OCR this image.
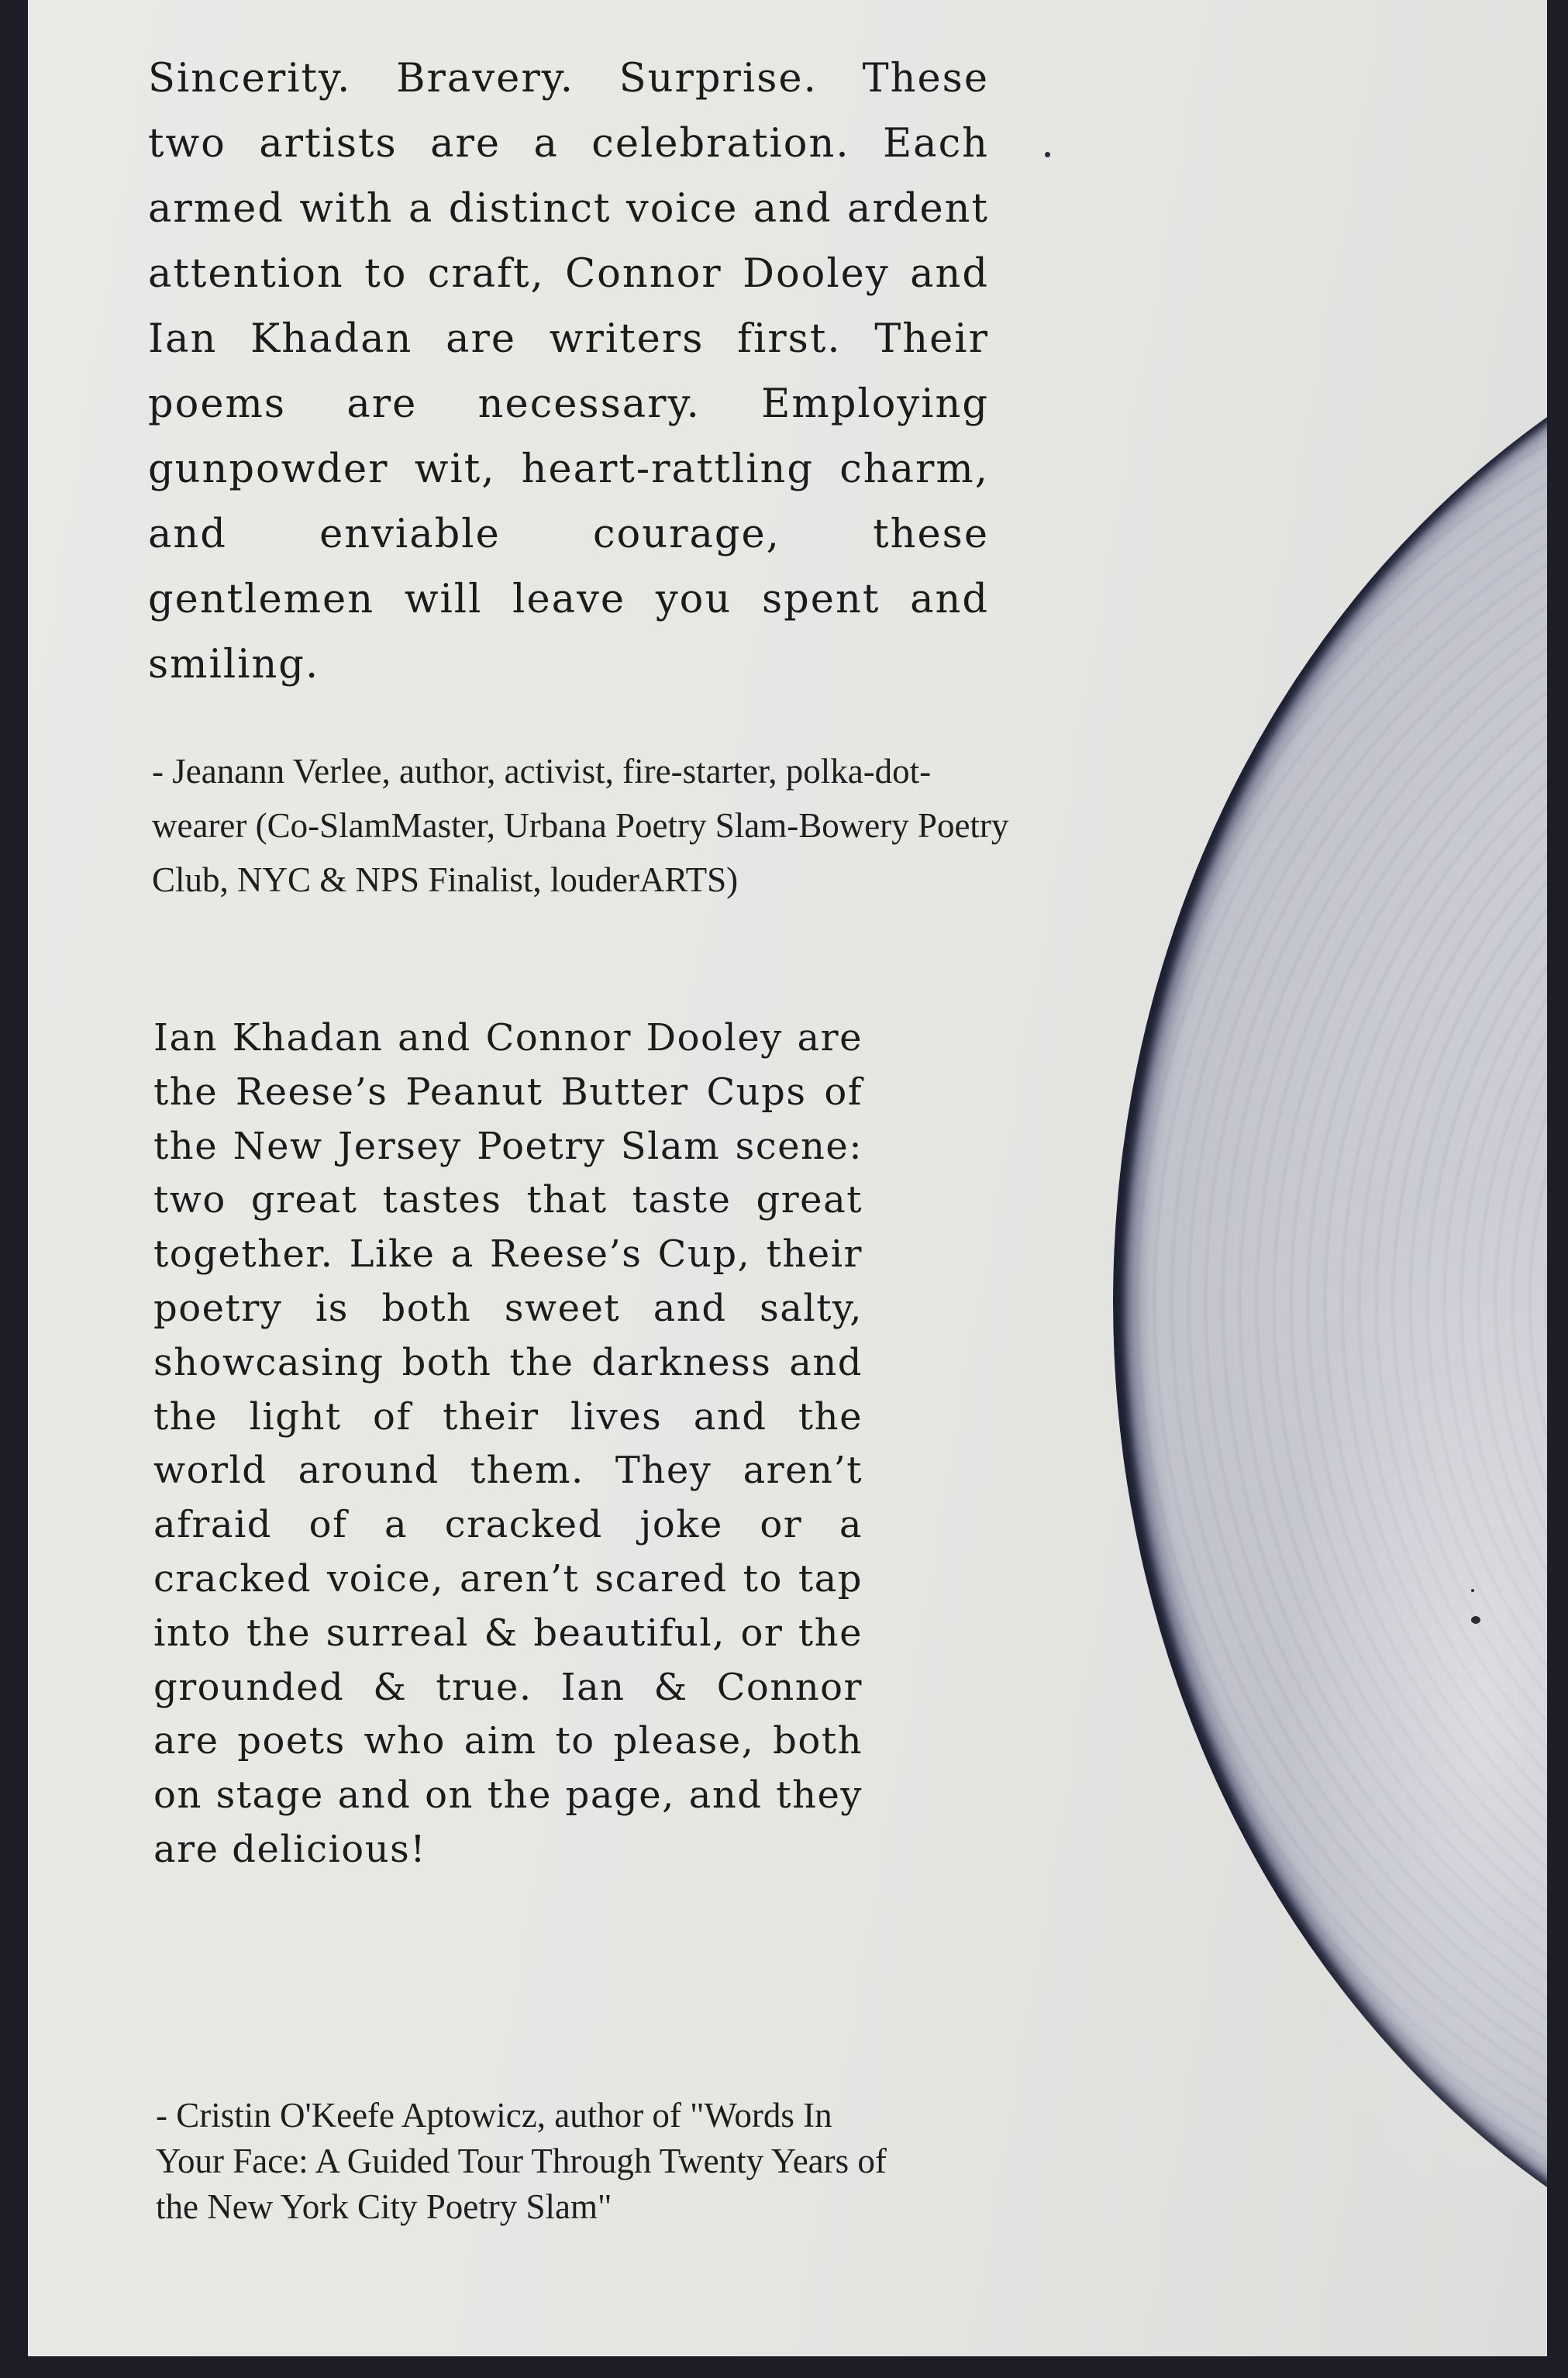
Sincerity. Bravery. Surprise. These two artists are a celebration. Each armed with a distinct voice and ardent attention to craft, Connor Dooley and Ian Khadan are writers first. Their poems are necessary. Employing gunpowder wit, heart-rattling charm, and enviable courage, these gentlemen will leave you spent and smiling.

- Jeanann Verlee, author, activist, fire-starter, polka-dot-wearer (Co-SlamMaster, Urbana Poetry Slam-Bowery Poetry Club, NYC & NPS Finalist, louderARTS)

Ian Khadan and Connor Dooley are the Reese’s Peanut Butter Cups of the New Jersey Poetry Slam scene: two great tastes that taste great together. Like a Reese’s Cup, their poetry is both sweet and salty, showcasing both the darkness and the light of their lives and the world around them. They aren’t afraid of a cracked joke or a cracked voice, aren’t scared to tap into the surreal & beautiful, or the grounded & true. Ian & Connor are poets who aim to please, both on stage and on the page, and they are delicious!

- Cristin O'Keefe Aptowicz, author of "Words In Your Face: A Guided Tour Through Twenty Years of the New York City Poetry Slam"
